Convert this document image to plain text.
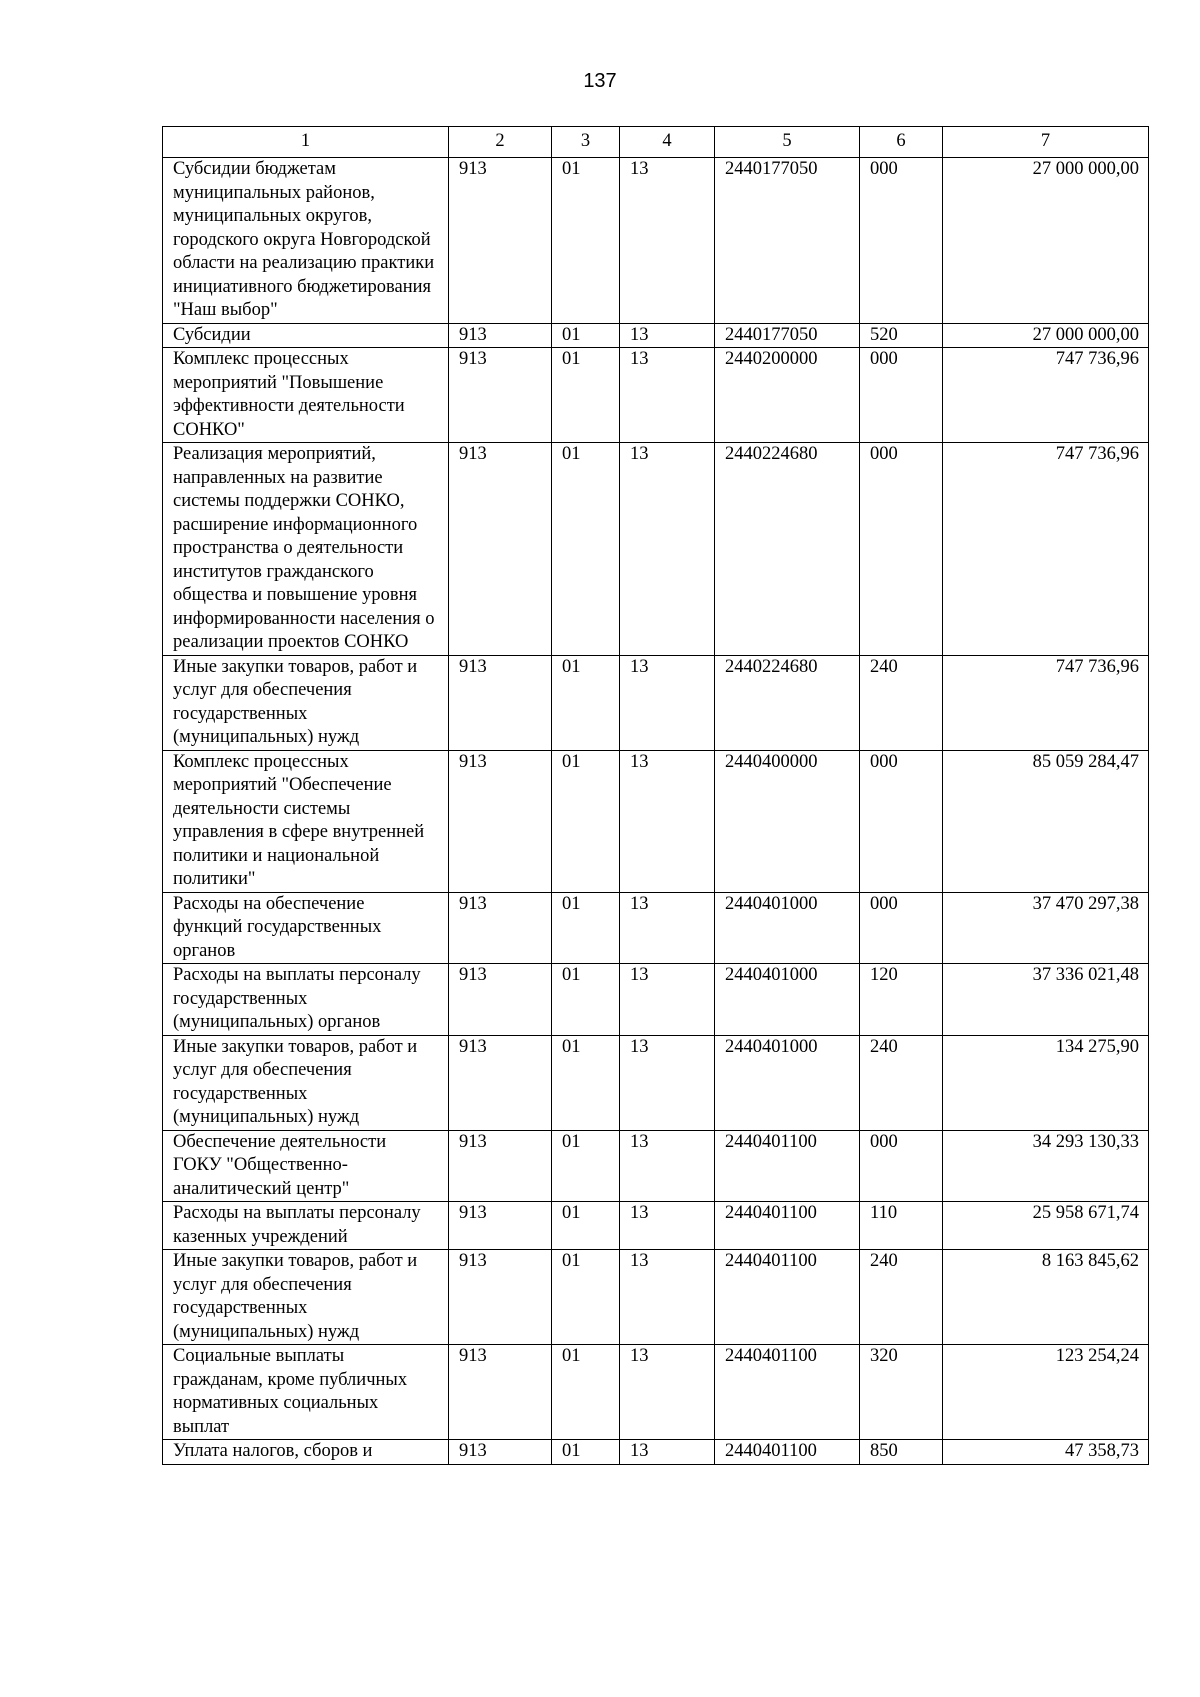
137
1	2	3	4	5	6	7
Субсидии бюджетам муниципальных районов, муниципальных округов, городского округа Новгородской области на реализацию практики инициативного бюджетирования "Наш выбор"	913	01	13	2440177050	000	27 000 000,00
Субсидии	913	01	13	2440177050	520	27 000 000,00
Комплекс процессных мероприятий "Повышение эффективности деятельности СОНКО"	913	01	13	2440200000	000	747 736,96
Реализация мероприятий, направленных на развитие системы поддержки СОНКО, расширение информационного пространства о деятельности институтов гражданского общества и повышение уровня информированности населения о реализации проектов СОНКО	913	01	13	2440224680	000	747 736,96
Иные закупки товаров, работ и услуг для обеспечения государственных (муниципальных) нужд	913	01	13	2440224680	240	747 736,96
Комплекс процессных мероприятий "Обеспечение деятельности системы управления в сфере внутренней политики и национальной политики"	913	01	13	2440400000	000	85 059 284,47
Расходы на обеспечение функций государственных органов	913	01	13	2440401000	000	37 470 297,38
Расходы на выплаты персоналу государственных (муниципальных) органов	913	01	13	2440401000	120	37 336 021,48
Иные закупки товаров, работ и услуг для обеспечения государственных (муниципальных) нужд	913	01	13	2440401000	240	134 275,90
Обеспечение деятельности ГОКУ "Общественно-аналитический центр"	913	01	13	2440401100	000	34 293 130,33
Расходы на выплаты персоналу казенных учреждений	913	01	13	2440401100	110	25 958 671,74
Иные закупки товаров, работ и услуг для обеспечения государственных (муниципальных) нужд	913	01	13	2440401100	240	8 163 845,62
Социальные выплаты гражданам, кроме публичных нормативных социальных выплат	913	01	13	2440401100	320	123 254,24
Уплата налогов, сборов и	913	01	13	2440401100	850	47 358,73
